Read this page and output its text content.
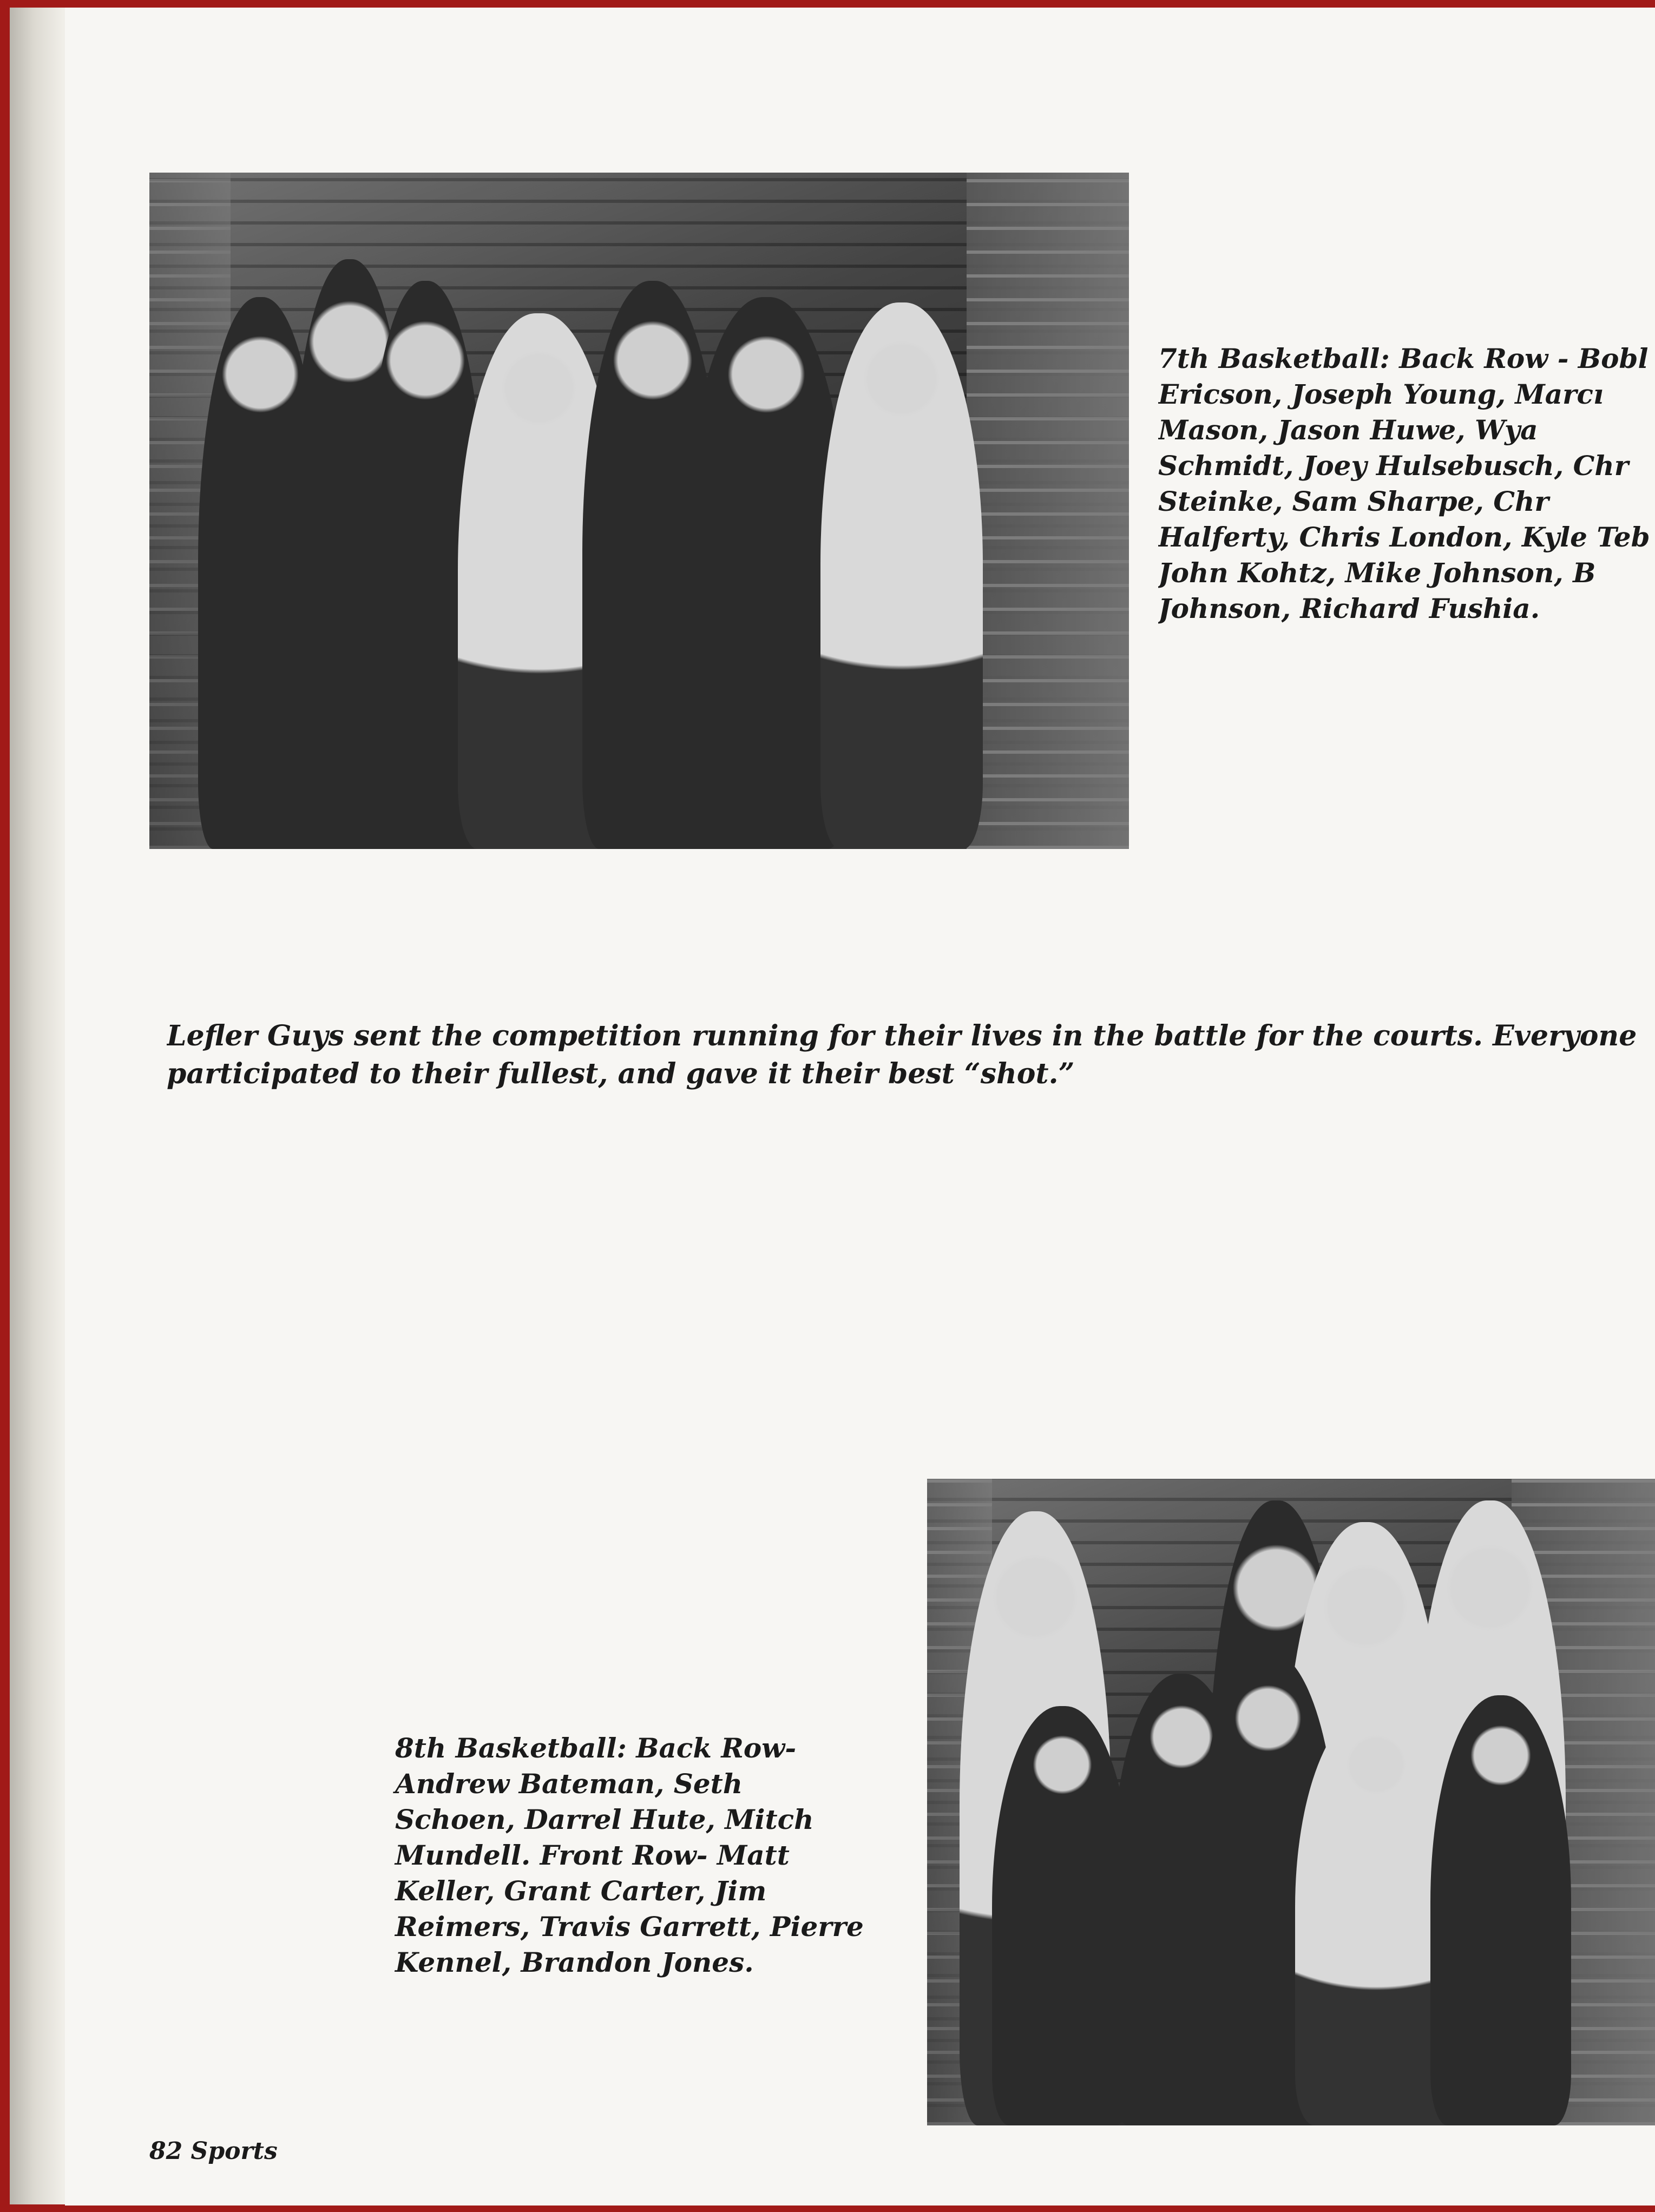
7th Basketball: Back Row - Bobl
Ericson, Joseph Young, Marcı
Mason, Jason Huwe, Wya
Schmidt, Joey Hulsebusch, Chr
Steinke, Sam Sharpe, Chr
Halferty, Chris London, Kyle Teb
John Kohtz, Mike Johnson, B
Johnson, Richard Fushia.

Lefler Guys sent the competition running for their lives in the battle for the courts. Everyone
participated to their fullest, and gave it their best “shot.”

8th Basketball: Back Row-
Andrew Bateman, Seth
Schoen, Darrel Hute, Mitch
Mundell. Front Row- Matt
Keller, Grant Carter, Jim
Reimers, Travis Garrett, Pierre
Kennel, Brandon Jones.

82 Sports
